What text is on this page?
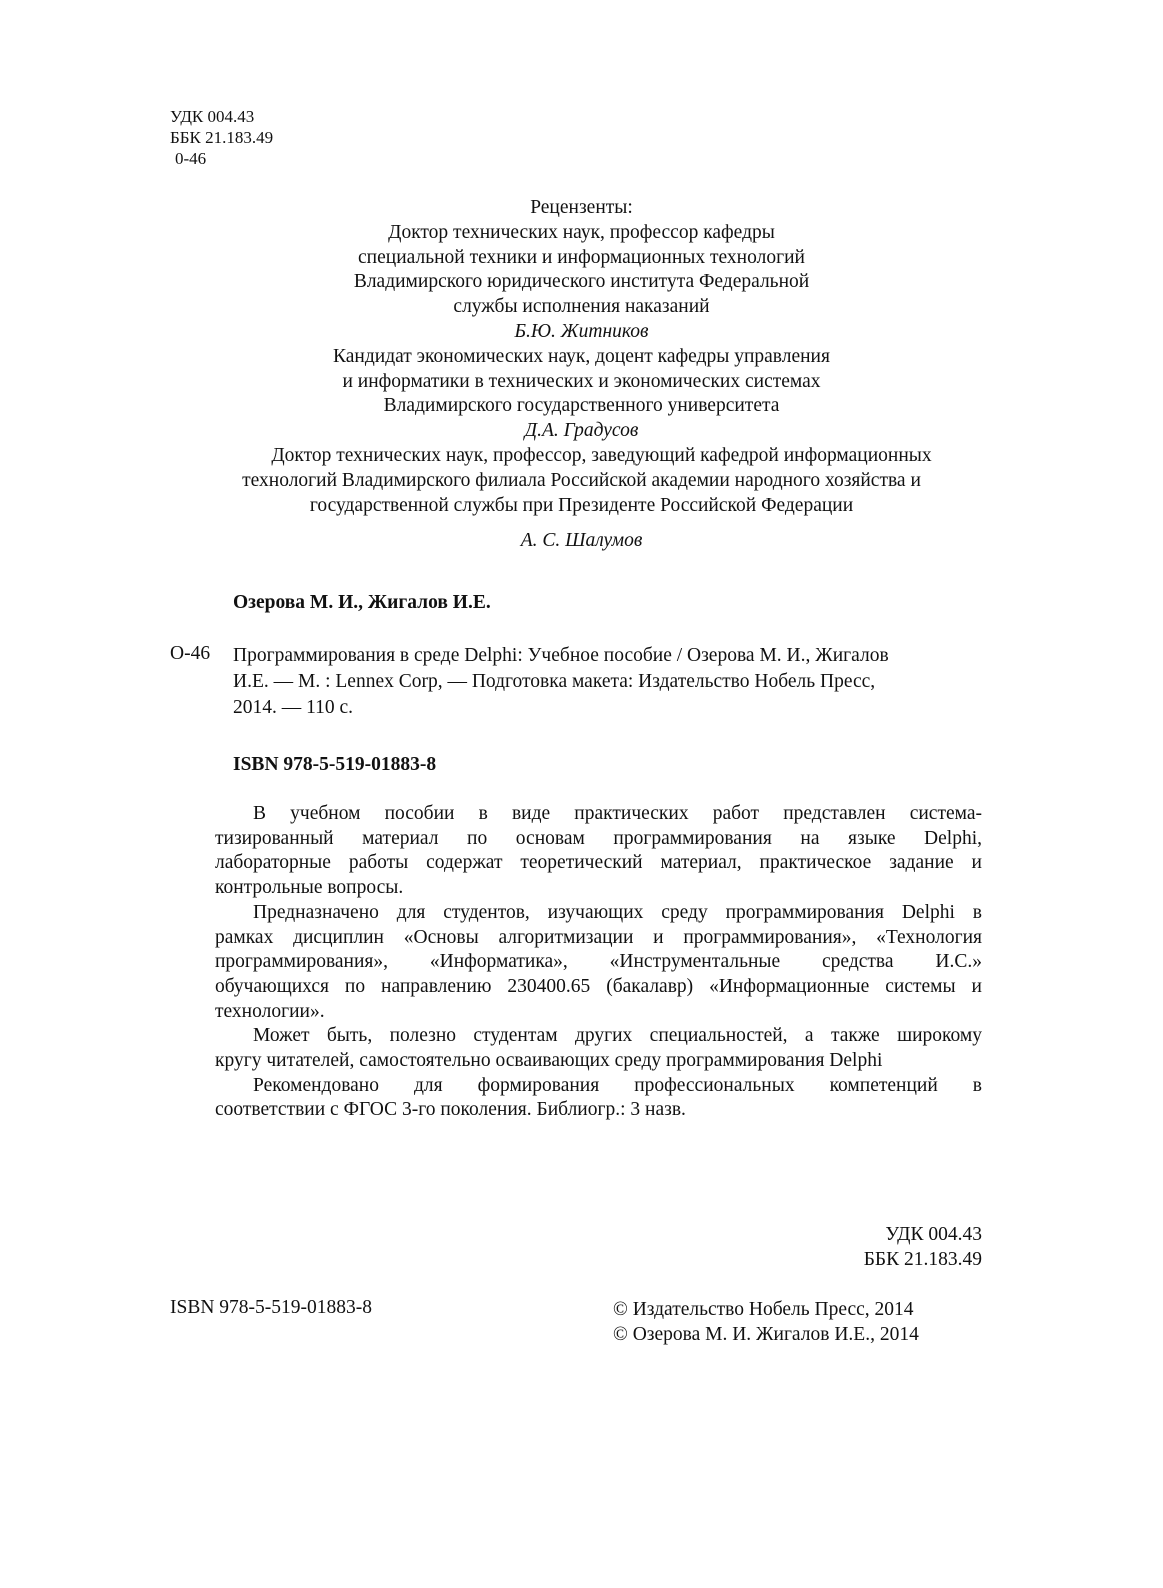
УДК 004.43
ББК 21.183.49
0-46
Рецензенты:
Доктор технических наук, профессор кафедры
специальной техники и информационных технологий
Владимирского юридического института Федеральной
службы исполнения наказаний
Б.Ю. Житников
Кандидат экономических наук, доцент кафедры управления
и информатики в технических и экономических системах
Владимирского государственного университета
Д.А. Градусов
Доктор технических наук, профессор, заведующий кафедрой информационных
технологий Владимирского филиала Российской академии народного хозяйства и
государственной службы при Президенте Российской Федерации
А. С. Шалумов
Озерова М. И., Жигалов И.Е.
О-46 Программирования в среде Delphi: Учебное пособие / Озерова М. И., Жигалов
И.Е. — М. : Lennex Corp, — Подготовка макета: Издательство Нобель Пресс,
2014. — 110 с.
ISBN 978-5-519-01883-8

В учебном пособии в виде практических работ представлен система-
тизированный материал по основам программирования на языке Delphi,
лабораторные работы содержат теоретический материал, практическое задание и
контрольные вопросы.

Предназначено для студентов, изучающих среду программирования Delphi в
рамках дисциплин «Основы алгоритмизации и программирования», «Технология
программирования», «Информатика», «Инструментальные средства И.С.»
обучающихся по направлению 230400.65 (бакалавр) «Информационные системы и
технологии».

Может быть, полезно студентам других специальностей, а также широкому
кругу читателей, самостоятельно осваивающих среду программирования Delphi

Рекомендовано для формирования профессиональных компетенций в
соответствии с ФГОС 3-го поколения. Библиогр.: 3 назв.

УДК 004.43
ББК 21.183.49
ISBN 978-5-519-01883-8	© Издательство Нобель Пресс, 2014
© Озерова М. И. Жигалов И.Е., 2014
